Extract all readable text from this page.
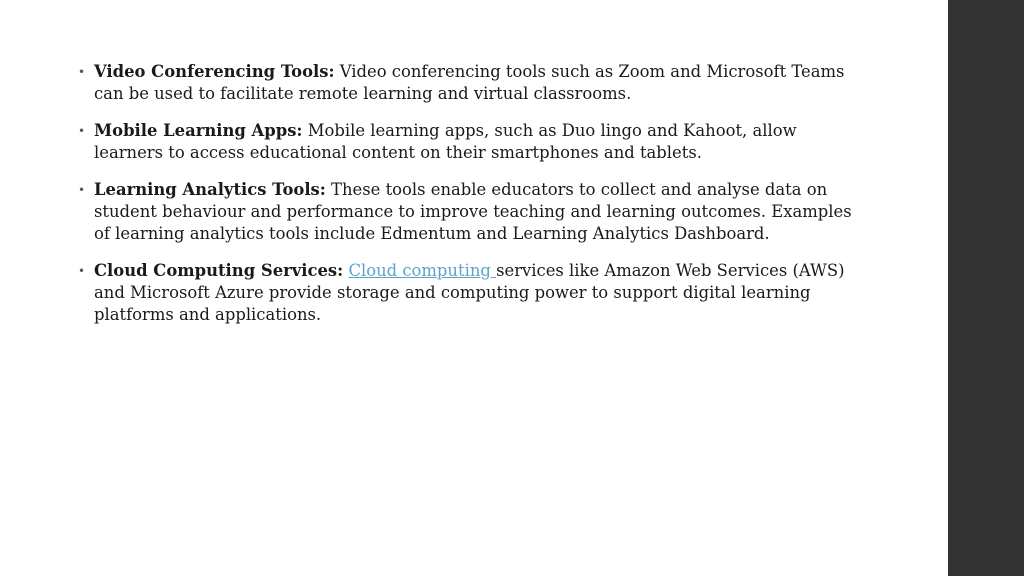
• Video Conferencing Tools: Video conferencing tools such as Zoom and Microsoft Teams can be used to facilitate remote learning and virtual classrooms.
• Mobile Learning Apps: Mobile learning apps, such as Duo lingo and Kahoot, allow learners to access educational content on their smartphones and tablets.
• Learning Analytics Tools: These tools enable educators to collect and analyse data on student behaviour and performance to improve teaching and learning outcomes. Examples of learning analytics tools include Edmentum and Learning Analytics Dashboard.
• Cloud Computing Services: Cloud computing services like Amazon Web Services (AWS) and Microsoft Azure provide storage and computing power to support digital learning platforms and applications.
